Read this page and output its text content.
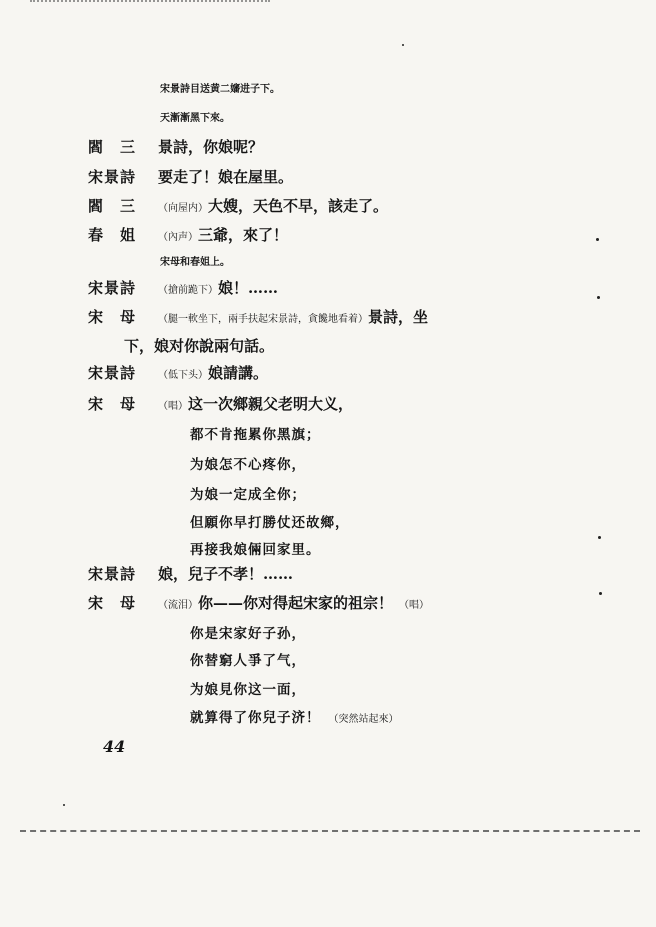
宋景詩目送黄二嬸进子下。
天漸漸黑下來。
閻　三 景詩，你娘呢？
宋景詩 要走了！娘在屋里。
閻　三 （向屋内）大嫂，天色不早，該走了。
春　姐 （內声）三爺，來了！
宋母和春姐上。
宋景詩 （搶前跪下）娘！……
宋　母 （腿一軟坐下，兩手扶起宋景詩，貪饞地看着）景詩，坐
下，娘对你說兩句話。
宋景詩 （低下头）娘請講。
宋　母 （唱）这一次鄉親父老明大义，
都不肯拖累你黑旗；
为娘怎不心疼你，
为娘一定成全你；
但願你早打勝仗还故鄉，
再接我娘倆回家里。
宋景詩 娘，兒子不孝！……
宋　母 （流泪）你——你对得起宋家的祖宗！ （唱）
你是宋家好子孙，
你替窮人爭了气，
为娘見你这一面，
就算得了你兒子济！ （突然站起來）
44
